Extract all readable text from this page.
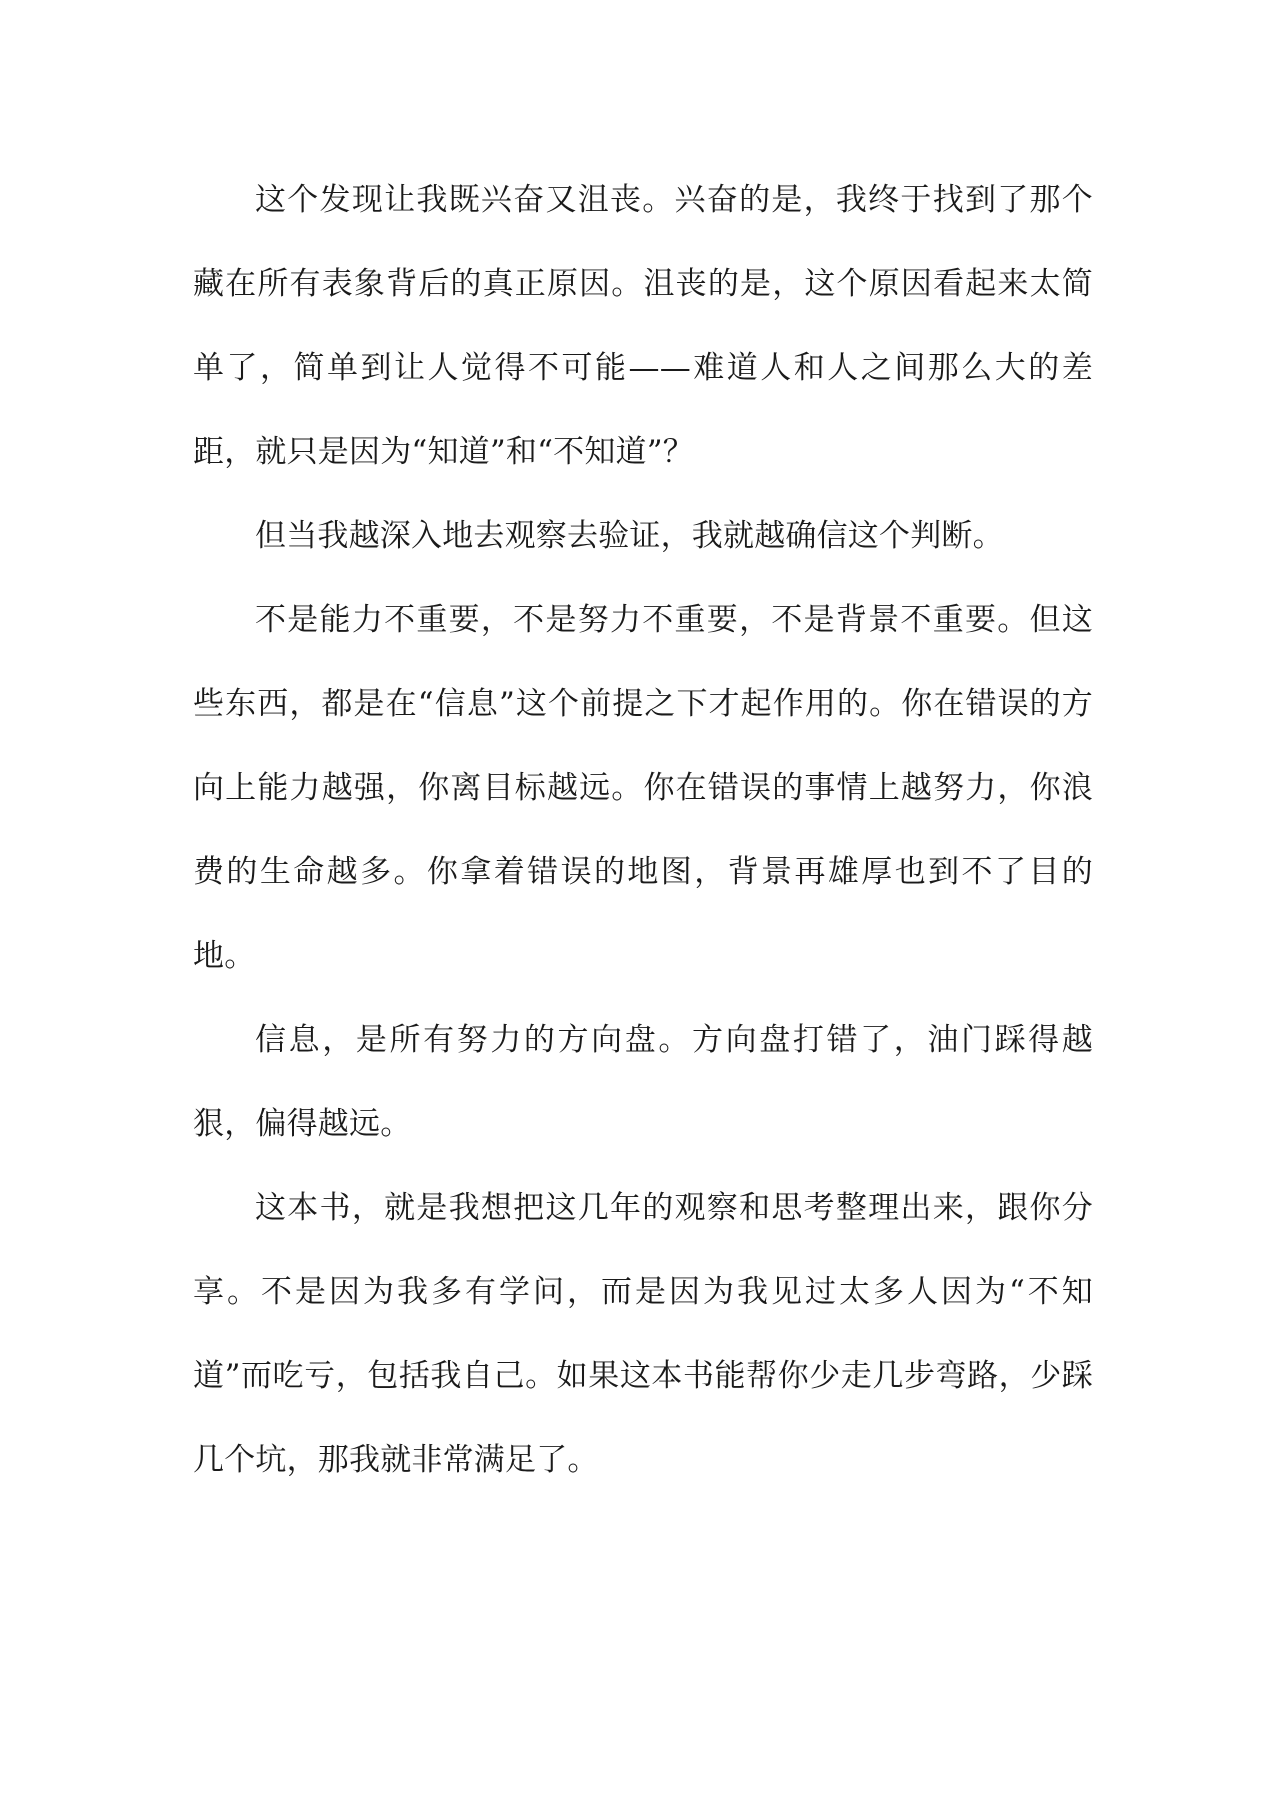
这个发现让我既兴奋又沮丧。兴奋的是，我终于找到了那个藏在所有表象背后的真正原因。沮丧的是，这个原因看起来太简单了，简单到让人觉得不可能——难道人和人之间那么大的差距，就只是因为“知道”和“不知道”？

但当我越深入地去观察去验证，我就越确信这个判断。

不是能力不重要，不是努力不重要，不是背景不重要。但这些东西，都是在“信息”这个前提之下才起作用的。你在错误的方向上能力越强，你离目标越远。你在错误的事情上越努力，你浪费的生命越多。你拿着错误的地图，背景再雄厚也到不了目的地。

信息，是所有努力的方向盘。方向盘打错了，油门踩得越狠，偏得越远。

这本书，就是我想把这几年的观察和思考整理出来，跟你分享。不是因为我多有学问，而是因为我见过太多人因为“不知道”而吃亏，包括我自己。如果这本书能帮你少走几步弯路，少踩几个坑，那我就非常满足了。
